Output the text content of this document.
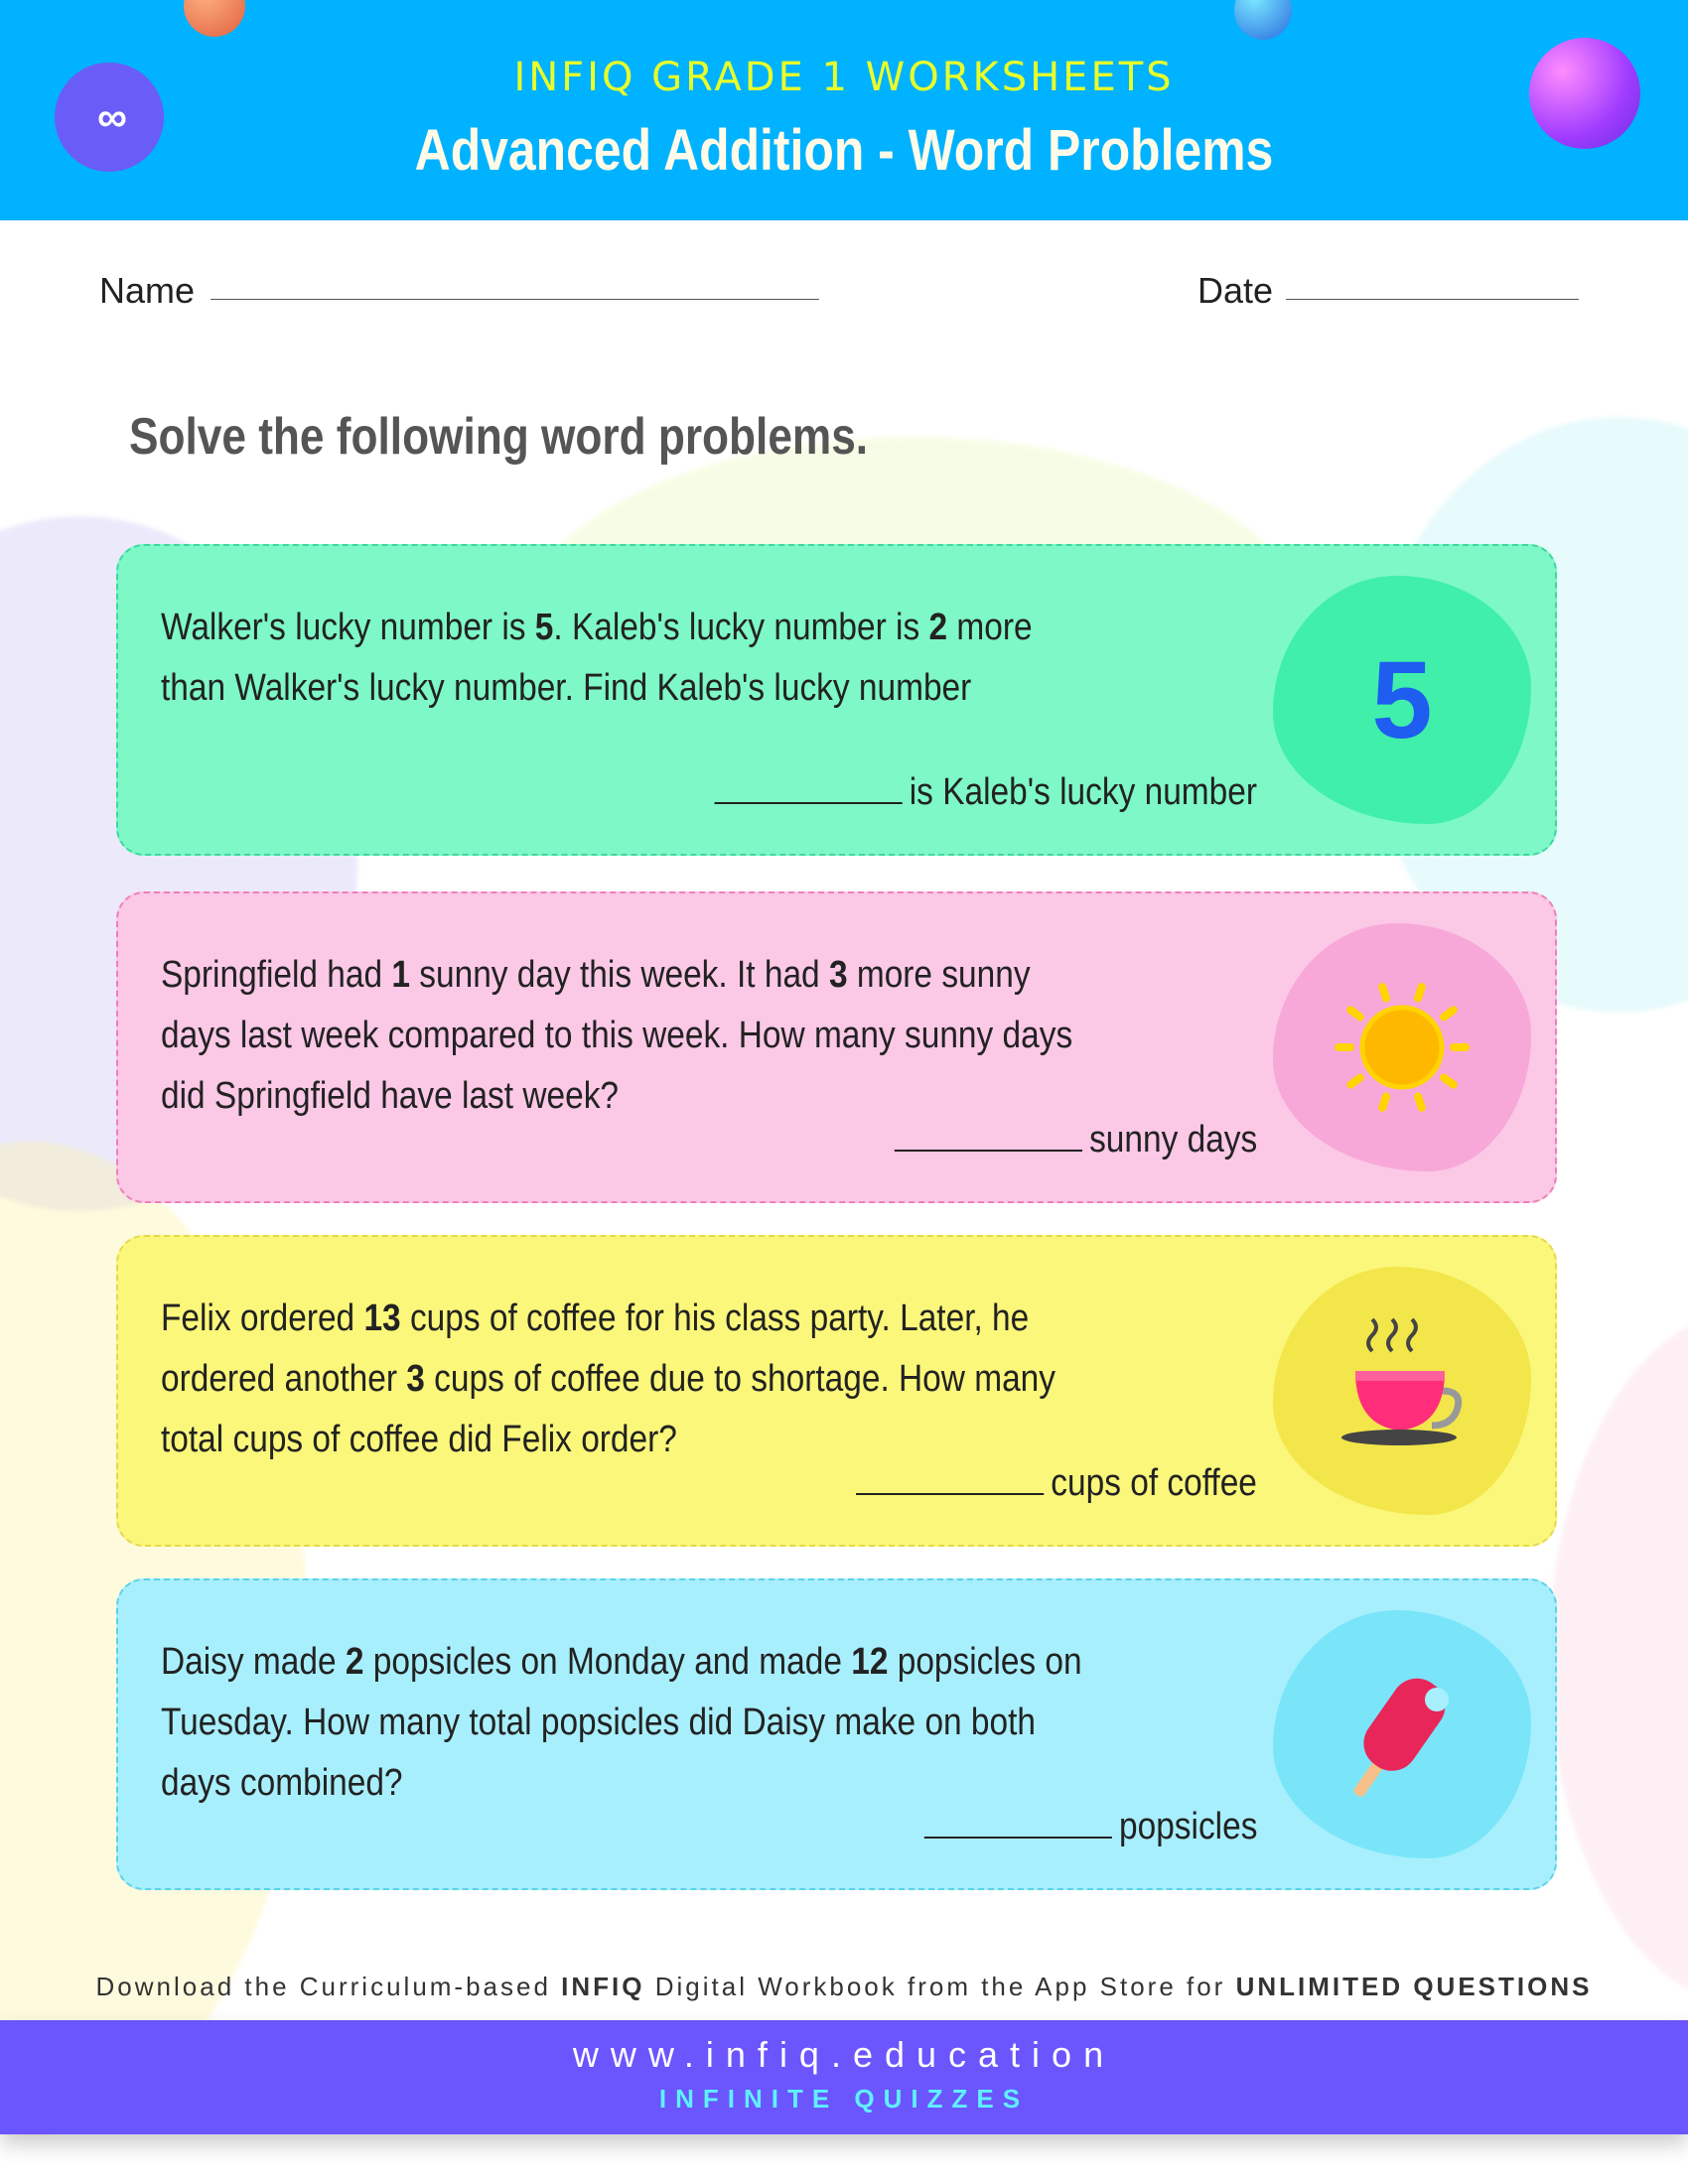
∞
INFIQ GRADE 1 WORKSHEETS
Advanced Addition - Word Problems
Name	Date
Solve the following word problems.
Walker's lucky number is 5. Kaleb's lucky number is 2 more than Walker's lucky number. Find Kaleb's lucky number
is Kaleb's lucky number
5
Springfield had 1 sunny day this week. It had 3 more sunny days last week compared to this week. How many sunny days did Springfield have last week?
sunny days
Felix ordered 13 cups of coffee for his class party. Later, he ordered another 3 cups of coffee due to shortage. How many total cups of coffee did Felix order?
cups of coffee
Daisy made 2 popsicles on Monday and made 12 popsicles on Tuesday. How many total popsicles did Daisy make on both days combined?
popsicles
Download the Curriculum-based INFIQ Digital Workbook from the App Store for UNLIMITED QUESTIONS
www.infiq.education
INFINITE QUIZZES
